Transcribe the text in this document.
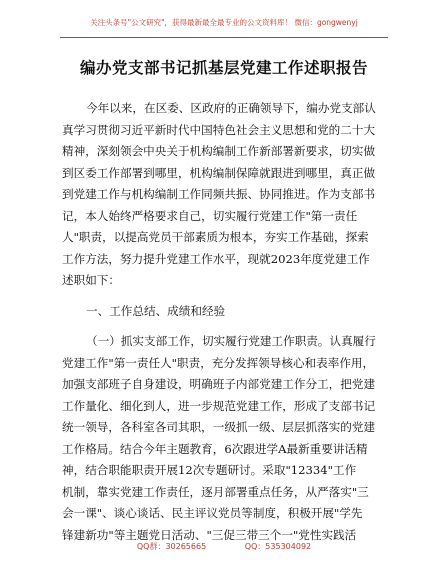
关注头条号"公文研究"，获得最新最全最专业的公文资料库！ 微信：gongwenyj
编办党支部书记抓基层党建工作述职报告
今年以来，在区委、区政府的正确领导下，编办党支部认
真学习贯彻习近平新时代中国特色社会主义思想和党的二十大
精神，深刻领会中央关于机构编制工作新部署新要求，切实做
到区委工作部署到哪里，机构编制保障就跟进到哪里，真正做
到党建工作与机构编制工作同频共振、协同推进。作为支部书
记，本人始终严格要求自己，切实履行党建工作"第一责任
人"职责，以提高党员干部素质为根本，夯实工作基础，探索
工作方法，努力提升党建工作水平，现就2023年度党建工作
述职如下：
一、工作总结、成绩和经验
（一）抓实支部工作，切实履行党建工作职责。认真履行
党建工作"第一责任人"职责，充分发挥领导核心和表率作用，
加强支部班子自身建设，明确班子内部党建工作分工，把党建
工作量化、细化到人，进一步规范党建工作，形成了支部书记
统一领导，各科室各司其职，一级抓一级、层层抓落实的党建
工作格局。结合今年主题教育，6次跟进学A最新重要讲话精
神，结合职能职责开展12次专题研讨。采取"12334"工作
机制，靠实党建工作责任，逐月部署重点任务，从严落实"三
会一课"、谈心谈话、民主评议党员等制度，积极开展"学先
锋建新功"等主题党日活动、"三促三带三个一"党性实践活
QQ群：30265665	QQ：535304092
